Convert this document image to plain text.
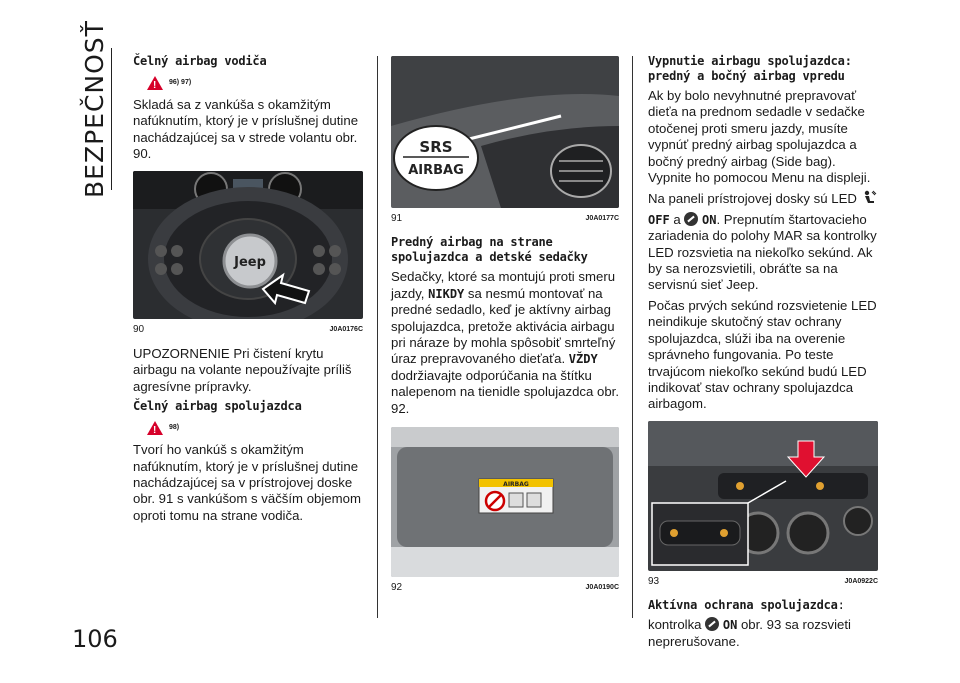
BEZPEČNOSŤ
106
Čelný airbag vodiča
!
96) 97)

Skladá sa z vankúša s okamžitým nafúknutím, ktorý je v príslušnej dutine nachádzajúcej sa v strede volantu obr. 90.

Jeep
90	J0A0176C

UPOZORNENIE Pri čistení krytu airbagu na volante nepoužívajte príliš agresívne prípravky.

Čelný airbag spolujazdca
!
98)

Tvorí ho vankúš s okamžitým nafúknutím, ktorý je v príslušnej dutine nachádzajúcej sa v prístrojovej doske obr. 91 s vankúšom s väčším objemom oproti tomu na strane vodiča.

SRS
AIRBAG
91	J0A0177C
Predný airbag na strane spolujazdca a detské sedačky

Sedačky, ktoré sa montujú proti smeru jazdy, NIKDY sa nesmú montovať na predné sedadlo, keď je aktívny airbag spolujazdca, pretože aktivácia airbagu pri náraze by mohla spôsobiť smrteľný úraz prepravovaného dieťaťa. VŽDY dodržiavajte odporúčania na štítku nalepenom na tienidle spolujazdca obr. 92.

AIRBAG
92	J0A0190C
Vypnutie airbagu spolujazdca: predný a bočný airbag vpredu

Ak by bolo nevyhnutné prepravovať dieťa na prednom sedadle v sedačke otočenej proti smeru jazdy, musíte vypnúť predný airbag spolujazdca a bočný predný airbag (Side bag). Vypnite ho pomocou Menu na displeji.

Na paneli prístrojovej dosky sú LED

OFF a  ON. Prepnutím štartovacieho zariadenia do polohy MAR sa kontrolky LED rozsvietia na niekoľko sekúnd. Ak by sa nerozsvietili, obráťte sa na servisnú sieť Jeep.

Počas prvých sekúnd rozsvietenie LED neindikuje skutočný stav ochrany spolujazdca, slúži iba na overenie správneho fungovania. Po teste trvajúcom niekoľko sekúnd budú LED indikovať stav ochrany spolujazdca airbagom.

93	J0A0922C
Aktívna ochrana spolujazdca:

kontrolka  ON obr. 93 sa rozsvieti neprerušovane.
